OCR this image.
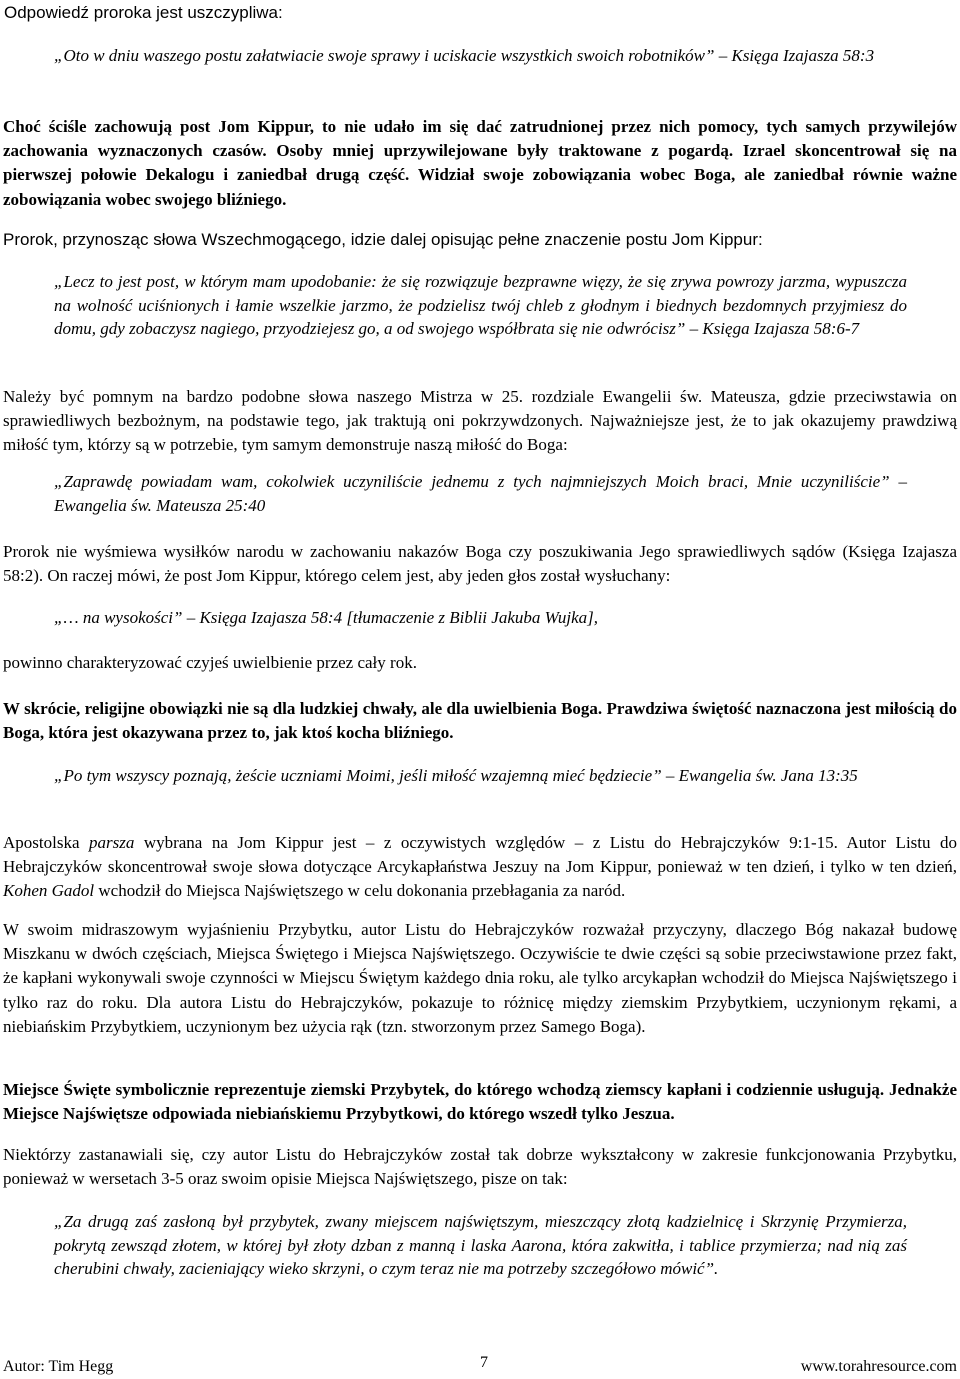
Odpowiedź proroka jest uszczypliwa:

„Oto w dniu waszego postu załatwiacie swoje sprawy i uciskacie wszystkich swoich robotników” – Księga Izajasza 58:3

Choć ściśle zachowują post Jom Kippur, to nie udało im się dać zatrudnionej przez nich pomocy, tych samych przywilejów zachowania wyznaczonych czasów. Osoby mniej uprzywilejowane były traktowane z pogardą. Izrael skoncentrował się na pierwszej połowie Dekalogu i zaniedbał drugą część. Widział swoje zobowiązania wobec Boga, ale zaniedbał równie ważne zobowiązania wobec swojego bliźniego.

Prorok, przynosząc słowa Wszechmogącego, idzie dalej opisując pełne znaczenie postu Jom Kippur:

„Lecz to jest post, w którym mam upodobanie: że się rozwiązuje bezprawne więzy, że się zrywa powrozy jarzma, wypuszcza na wolność uciśnionych i łamie wszelkie jarzmo, że podzielisz twój chleb z głodnym i biednych bezdomnych przyjmiesz do domu, gdy zobaczysz nagiego, przyodziejesz go, a od swojego współbrata się nie odwrócisz” – Księga Izajasza 58:6-7

Należy być pomnym na bardzo podobne słowa naszego Mistrza w 25. rozdziale Ewangelii św. Mateusza, gdzie przeciwstawia on sprawiedliwych bezbożnym, na podstawie tego, jak traktują oni pokrzywdzonych. Najważniejsze jest, że to jak okazujemy prawdziwą miłość tym, którzy są w potrzebie, tym samym demonstruje naszą miłość do Boga:

„Zaprawdę powiadam wam, cokolwiek uczyniliście jednemu z tych najmniejszych Moich braci, Mnie uczyniliście” – Ewangelia św. Mateusza 25:40

Prorok nie wyśmiewa wysiłków narodu w zachowaniu nakazów Boga czy poszukiwania Jego sprawiedliwych sądów (Księga Izajasza 58:2). On raczej mówi, że post Jom Kippur, którego celem jest, aby jeden głos został wysłuchany:

„… na wysokości” – Księga Izajasza 58:4 [tłumaczenie z Biblii Jakuba Wujka],

powinno charakteryzować czyjeś uwielbienie przez cały rok.

W skrócie, religijne obowiązki nie są dla ludzkiej chwały, ale dla uwielbienia Boga. Prawdziwa świętość naznaczona jest miłością do Boga, która jest okazywana przez to, jak ktoś kocha bliźniego.

„Po tym wszyscy poznają, żeście uczniami Moimi, jeśli miłość wzajemną mieć będziecie” – Ewangelia św. Jana 13:35

Apostolska parsza wybrana na Jom Kippur jest – z oczywistych względów – z Listu do Hebrajczyków 9:1-15. Autor Listu do Hebrajczyków skoncentrował swoje słowa dotyczące Arcykapłaństwa Jeszuy na Jom Kippur, ponieważ w ten dzień, i tylko w ten dzień, Kohen Gadol wchodził do Miejsca Najświętszego w celu dokonania przebłagania za naród.

W swoim midraszowym wyjaśnieniu Przybytku, autor Listu do Hebrajczyków rozważał przyczyny, dlaczego Bóg nakazał budowę Miszkanu w dwóch częściach, Miejsca Świętego i Miejsca Najświętszego. Oczywiście te dwie części są sobie przeciwstawione przez fakt, że kapłani wykonywali swoje czynności w Miejscu Świętym każdego dnia roku, ale tylko arcykapłan wchodził do Miejsca Najświętszego i tylko raz do roku. Dla autora Listu do Hebrajczyków, pokazuje to różnicę między ziemskim Przybytkiem, uczynionym rękami, a niebiańskim Przybytkiem, uczynionym bez użycia rąk (tzn. stworzonym przez Samego Boga).

Miejsce Święte symbolicznie reprezentuje ziemski Przybytek, do którego wchodzą ziemscy kapłani i codziennie usługują. Jednakże Miejsce Najświętsze odpowiada niebiańskiemu Przybytkowi, do którego wszedł tylko Jeszua.

Niektórzy zastanawiali się, czy autor Listu do Hebrajczyków został tak dobrze wykształcony w zakresie funkcjonowania Przybytku, ponieważ w wersetach 3-5 oraz swoim opisie Miejsca Najświętszego, pisze on tak:

„Za drugą zaś zasłoną był przybytek, zwany miejscem najświętszym, mieszczący złotą kadzielnicę i Skrzynię Przymierza, pokrytą zewsząd złotem, w której był złoty dzban z manną i laska Aarona, która zakwitła, i tablice przymierza; nad nią zaś cherubini chwały, zacieniający wieko skrzyni, o czym teraz nie ma potrzeby szczegółowo mówić”.

Autor: Tim Hegg	7	www.torahresource.com
